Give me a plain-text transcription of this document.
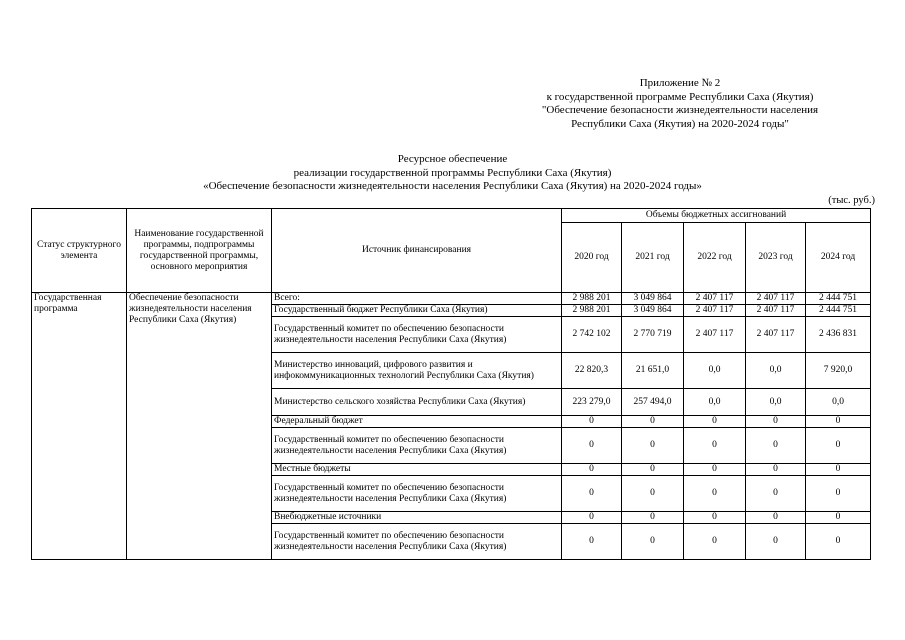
Приложение № 2
к государственной программе Республики Саха (Якутия)
"Обеспечение безопасности жизнедеятельности населения
Республики Саха (Якутия) на 2020-2024 годы"
Ресурсное обеспечение
реализации государственной программы Республики Саха (Якутия)
«Обеспечение безопасности жизнедеятельности населения Республики Саха (Якутия) на 2020-2024 годы»
(тыс. руб.)
Статус структурного элемента	Наименование государственной программы, подпрограммы государственной программы, основного мероприятия	Источник финансирования	Объемы бюджетных ассигнований				
			2020 год	2021 год	2022 год	2023 год	2024 год
Государственная программа	Обеспечение безопасности жизнедеятельности населения Республики Саха (Якутия)	Всего:	2 988 201	3 049 864	2 407 117	2 407 117	2 444 751
		Государственный бюджет Республики Саха (Якутия)	2 988 201	3 049 864	2 407 117	2 407 117	2 444 751
		Государственный комитет по обеспечению безопасности жизнедеятельности населения Республики Саха (Якутия)	2 742 102	2 770 719	2 407 117	2 407 117	2 436 831
		Министерство инноваций, цифрового развития и инфокоммуникационных технологий Республики Саха (Якутия)	22 820,3	21 651,0	0,0	0,0	7 920,0
		Министерство сельского хозяйства Республики Саха (Якутия)	223 279,0	257 494,0	0,0	0,0	0,0
		Федеральный бюджет	0	0	0	0	0
		Государственный комитет по обеспечению безопасности жизнедеятельности населения Республики Саха (Якутия)	0	0	0	0	0
		Местные бюджеты	0	0	0	0	0
		Государственный комитет по обеспечению безопасности жизнедеятельности населения Республики Саха (Якутия)	0	0	0	0	0
		Внебюджетные источники	0	0	0	0	0
		Государственный комитет по обеспечению безопасности жизнедеятельности населения Республики Саха (Якутия)	0	0	0	0	0
